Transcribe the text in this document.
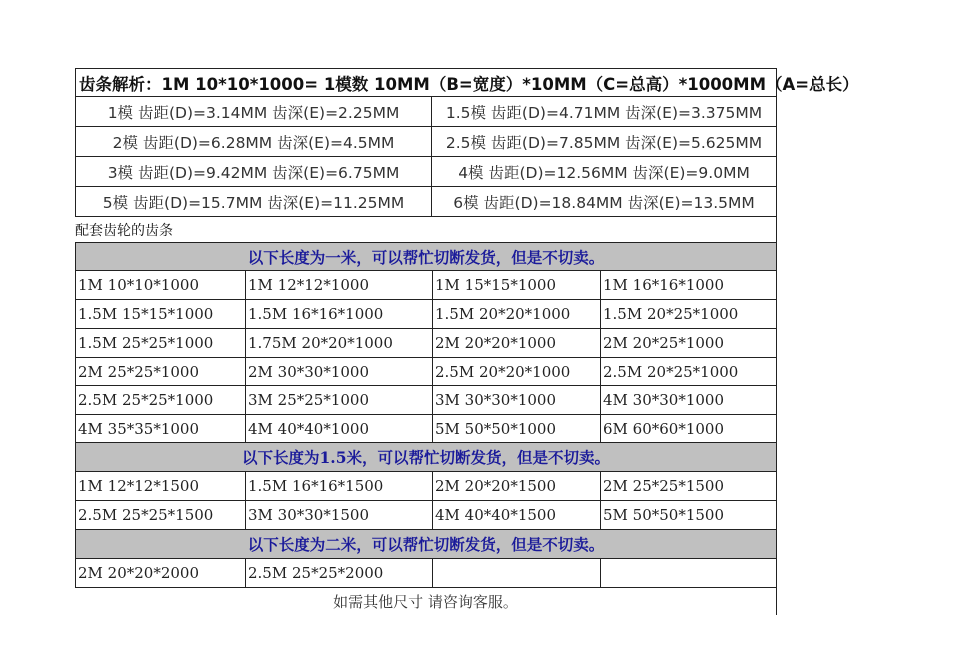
齿条解析：1M 10*10*1000= 1模数 10MM（B=宽度）*10MM（C=总高）*1000MM（A=总长）
1模 齿距(D)=3.14MM 齿深(E)=2.25MM	1.5模 齿距(D)=4.71MM 齿深(E)=3.375MM
2模 齿距(D)=6.28MM 齿深(E)=4.5MM	2.5模 齿距(D)=7.85MM 齿深(E)=5.625MM
3模 齿距(D)=9.42MM 齿深(E)=6.75MM	4模 齿距(D)=12.56MM 齿深(E)=9.0MM
5模 齿距(D)=15.7MM 齿深(E)=11.25MM	6模 齿距(D)=18.84MM 齿深(E)=13.5MM
配套齿轮的齿条
以下长度为一米，可以帮忙切断发货，但是不切卖。
1M 10*10*1000	1M 12*12*1000	1M 15*15*1000	1M 16*16*1000
1.5M 15*15*1000	1.5M 16*16*1000	1.5M 20*20*1000	1.5M 20*25*1000
1.5M 25*25*1000	1.75M 20*20*1000	2M 20*20*1000	2M 20*25*1000
2M 25*25*1000	2M 30*30*1000	2.5M 20*20*1000	2.5M 20*25*1000
2.5M 25*25*1000	3M 25*25*1000	3M 30*30*1000	4M 30*30*1000
4M 35*35*1000	4M 40*40*1000	5M 50*50*1000	6M 60*60*1000
以下长度为1.5米，可以帮忙切断发货，但是不切卖。
1M 12*12*1500	1.5M 16*16*1500	2M 20*20*1500	2M 25*25*1500
2.5M 25*25*1500	3M 30*30*1500	4M 40*40*1500	5M 50*50*1500
以下长度为二米，可以帮忙切断发货，但是不切卖。
2M 20*20*2000	2.5M 25*25*2000
如需其他尺寸 请咨询客服。
